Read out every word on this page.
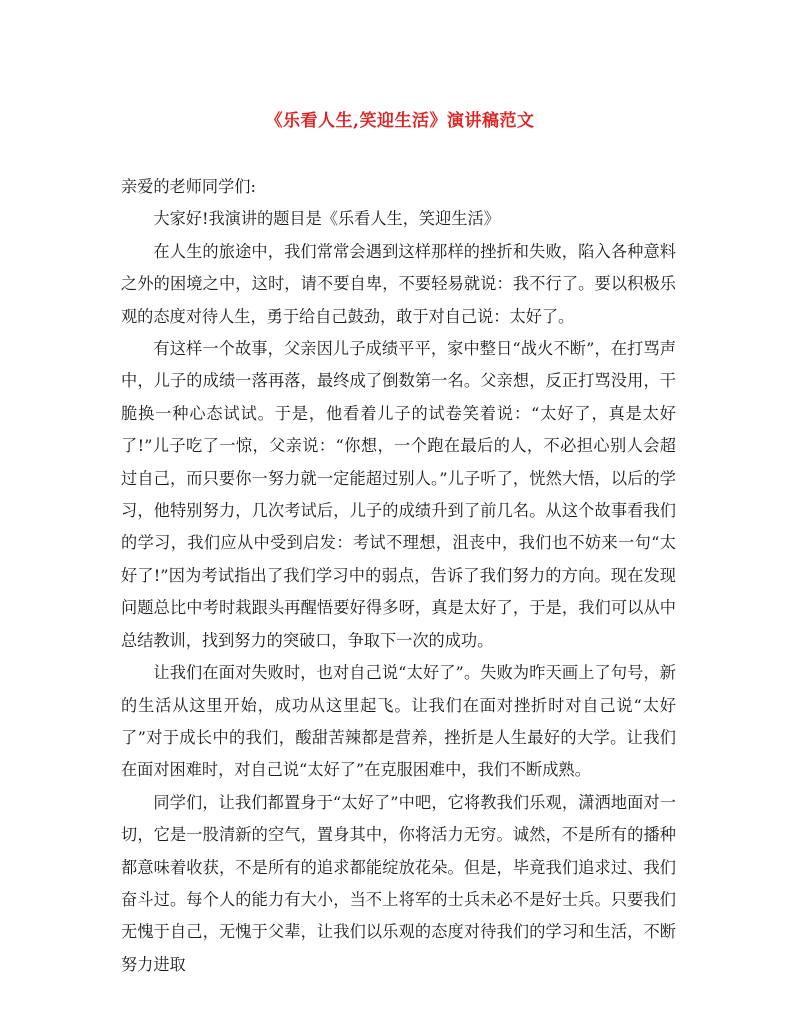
《乐看人生,笑迎生活》演讲稿范文

亲爱的老师同学们:

大家好!我演讲的题目是《乐看人生，笑迎生活》

在人生的旅途中，我们常常会遇到这样那样的挫折和失败，陷入各种意料之外的困境之中，这时，请不要自卑，不要轻易就说：我不行了。要以积极乐观的态度对待人生，勇于给自己鼓劲，敢于对自己说：太好了。

有这样一个故事，父亲因儿子成绩平平，家中整日“战火不断”，在打骂声中，儿子的成绩一落再落，最终成了倒数第一名。父亲想，反正打骂没用，干脆换一种心态试试。于是，他看着儿子的试卷笑着说：“太好了，真是太好了!”儿子吃了一惊，父亲说：“你想，一个跑在最后的人，不必担心别人会超过自己，而只要你一努力就一定能超过别人。”儿子听了，恍然大悟，以后的学习，他特别努力，几次考试后，儿子的成绩升到了前几名。从这个故事看我们的学习，我们应从中受到启发：考试不理想，沮丧中，我们也不妨来一句“太好了!”因为考试指出了我们学习中的弱点，告诉了我们努力的方向。现在发现问题总比中考时栽跟头再醒悟要好得多呀，真是太好了，于是，我们可以从中总结教训，找到努力的突破口，争取下一次的成功。

让我们在面对失败时，也对自己说“太好了”。失败为昨天画上了句号，新的生活从这里开始，成功从这里起飞。让我们在面对挫折时对自己说“太好了”对于成长中的我们，酸甜苦辣都是营养，挫折是人生最好的大学。让我们在面对困难时，对自己说“太好了”在克服困难中，我们不断成熟。

同学们，让我们都置身于“太好了”中吧，它将教我们乐观，潇洒地面对一切，它是一股清新的空气，置身其中，你将活力无穷。诚然，不是所有的播种都意味着收获，不是所有的追求都能绽放花朵。但是，毕竟我们追求过、我们奋斗过。每个人的能力有大小，当不上将军的士兵未必不是好士兵。只要我们无愧于自己，无愧于父辈，让我们以乐观的态度对待我们的学习和生活，不断努力进取
